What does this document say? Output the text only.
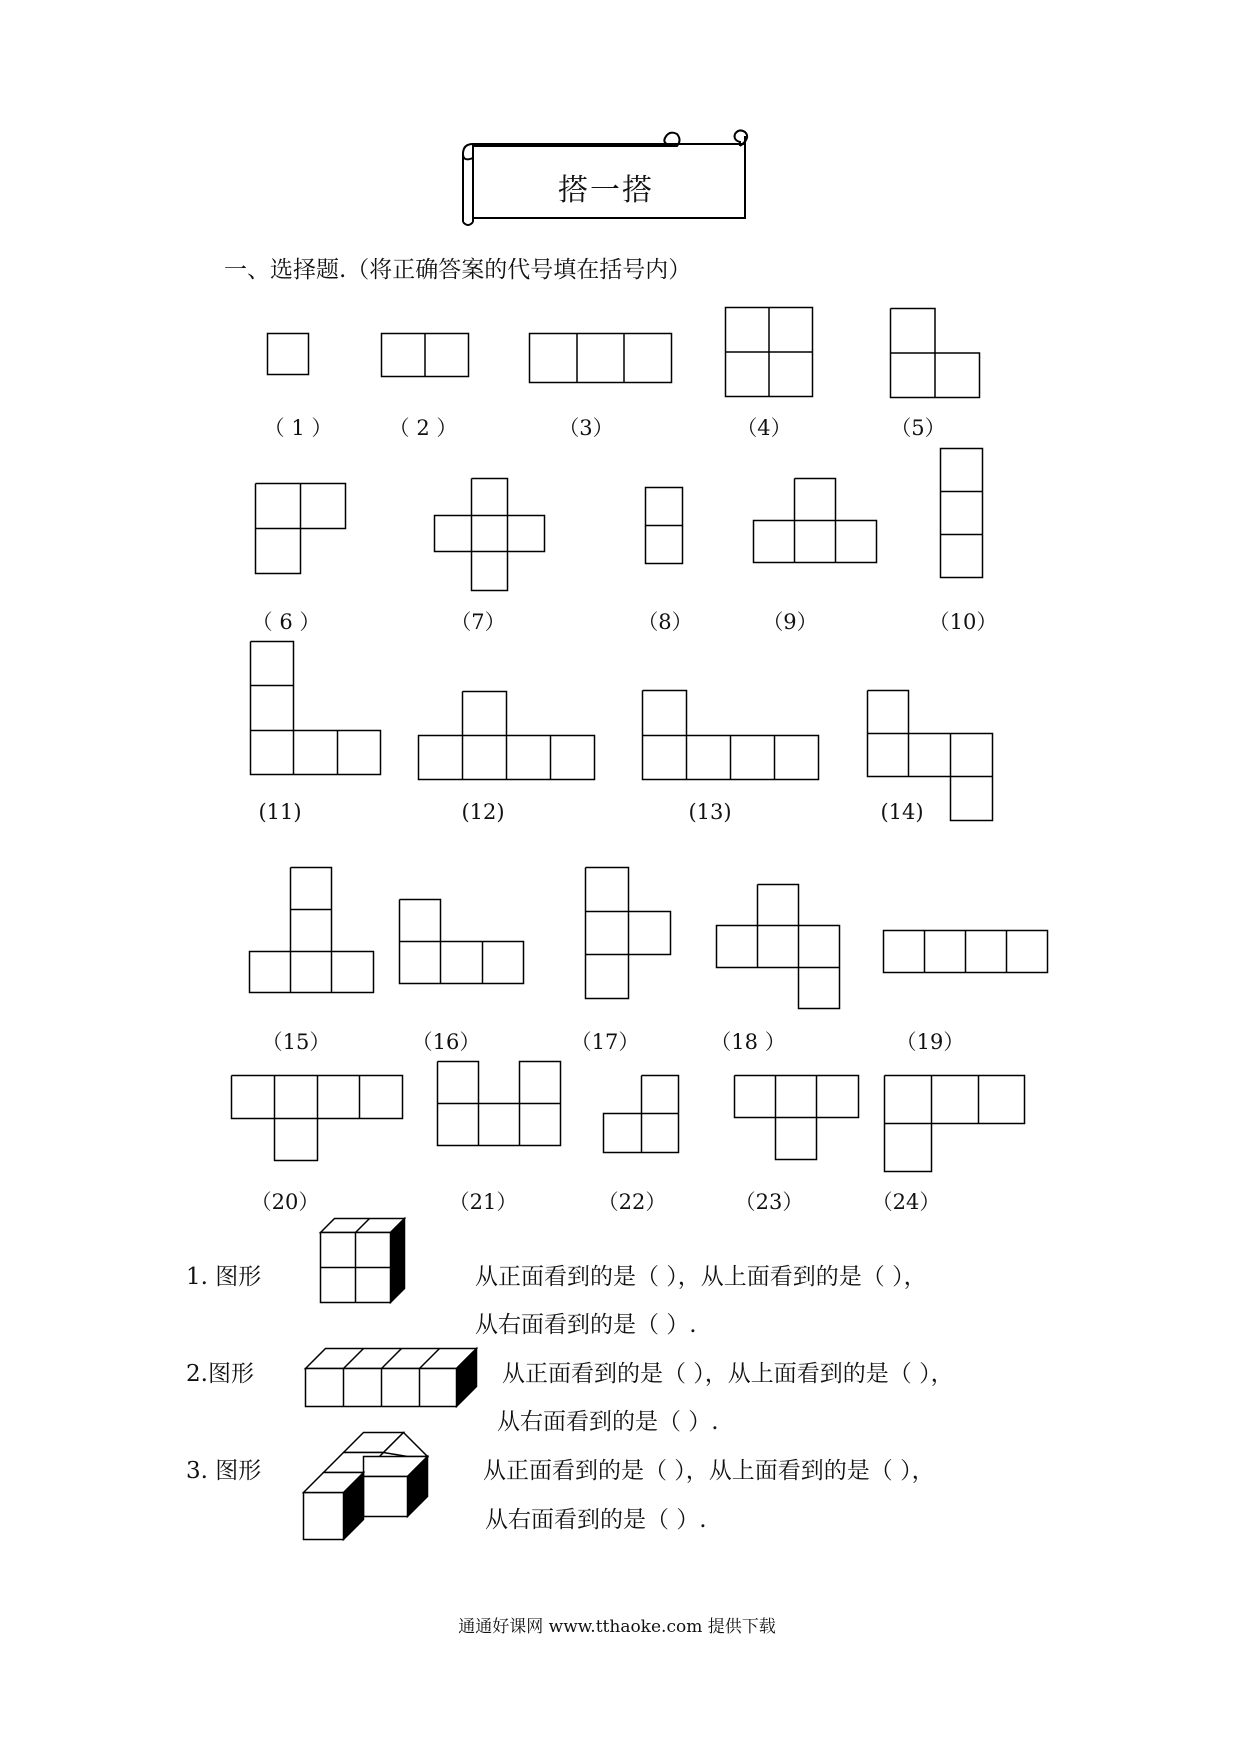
搭一搭
一、选择题.（将正确答案的代号填在括号内）
（ 1 ）	（ 2 ）	（3）	（4）	（5）
（ 6 ）	（7）	（8）	（9）	（10）
(11)	(12)	(13)	(14)
（15）	（16）	（17）	（18 ）	（19）
（20）	（21）	（22）	（23）	（24）
1. 图形	从正面看到的是（ ），从上面看到的是（ ），
从右面看到的是（ ）.
2.图形	从正面看到的是（ ），从上面看到的是（ ），
从右面看到的是（ ）.
3. 图形	从正面看到的是（ ），从上面看到的是（ ），
从右面看到的是（ ）.
通通好课网 www.tthaoke.com 提供下载
